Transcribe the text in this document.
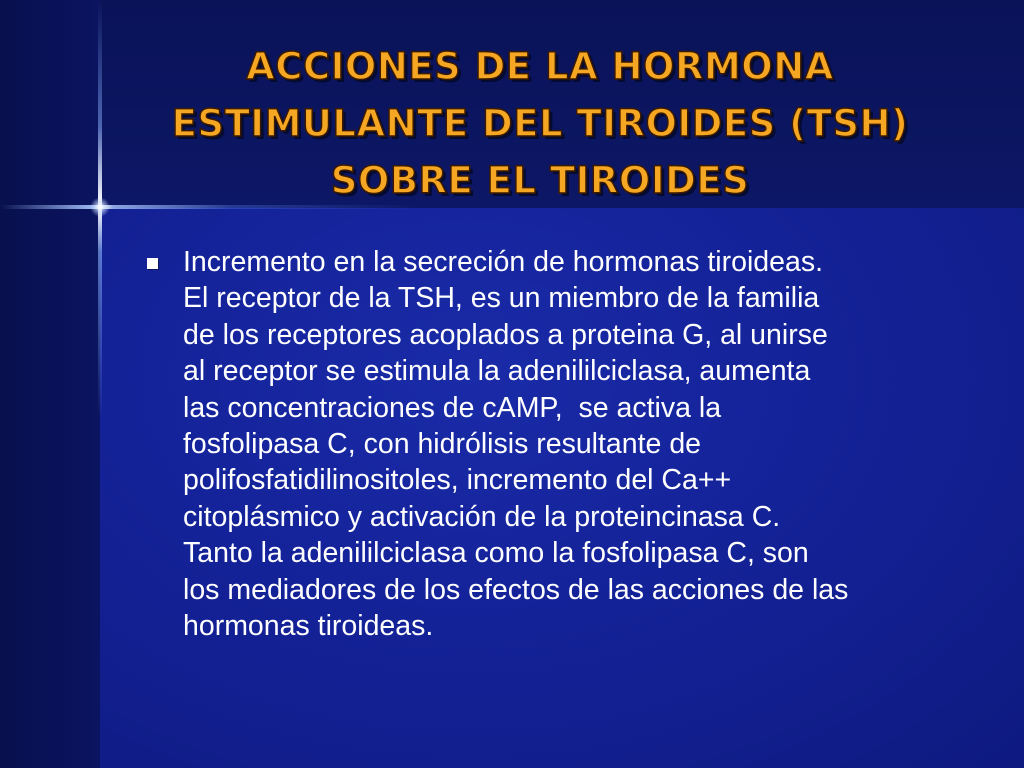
ACCIONES DE LA HORMONA
ESTIMULANTE DEL TIROIDES (TSH)
SOBRE EL TIROIDES
Incremento en la secreción de hormonas tiroideas.
El receptor de la TSH, es un miembro de la familia
de los receptores acoplados a proteina G, al unirse
al receptor se estimula la adenililciclasa, aumenta
las concentraciones de cAMP,  se activa la
fosfolipasa C, con hidrólisis resultante de
polifosfatidilinositoles, incremento del Ca++
citoplásmico y activación de la proteincinasa C.
Tanto la adenililciclasa como la fosfolipasa C, son
los mediadores de los efectos de las acciones de las
hormonas tiroideas.
